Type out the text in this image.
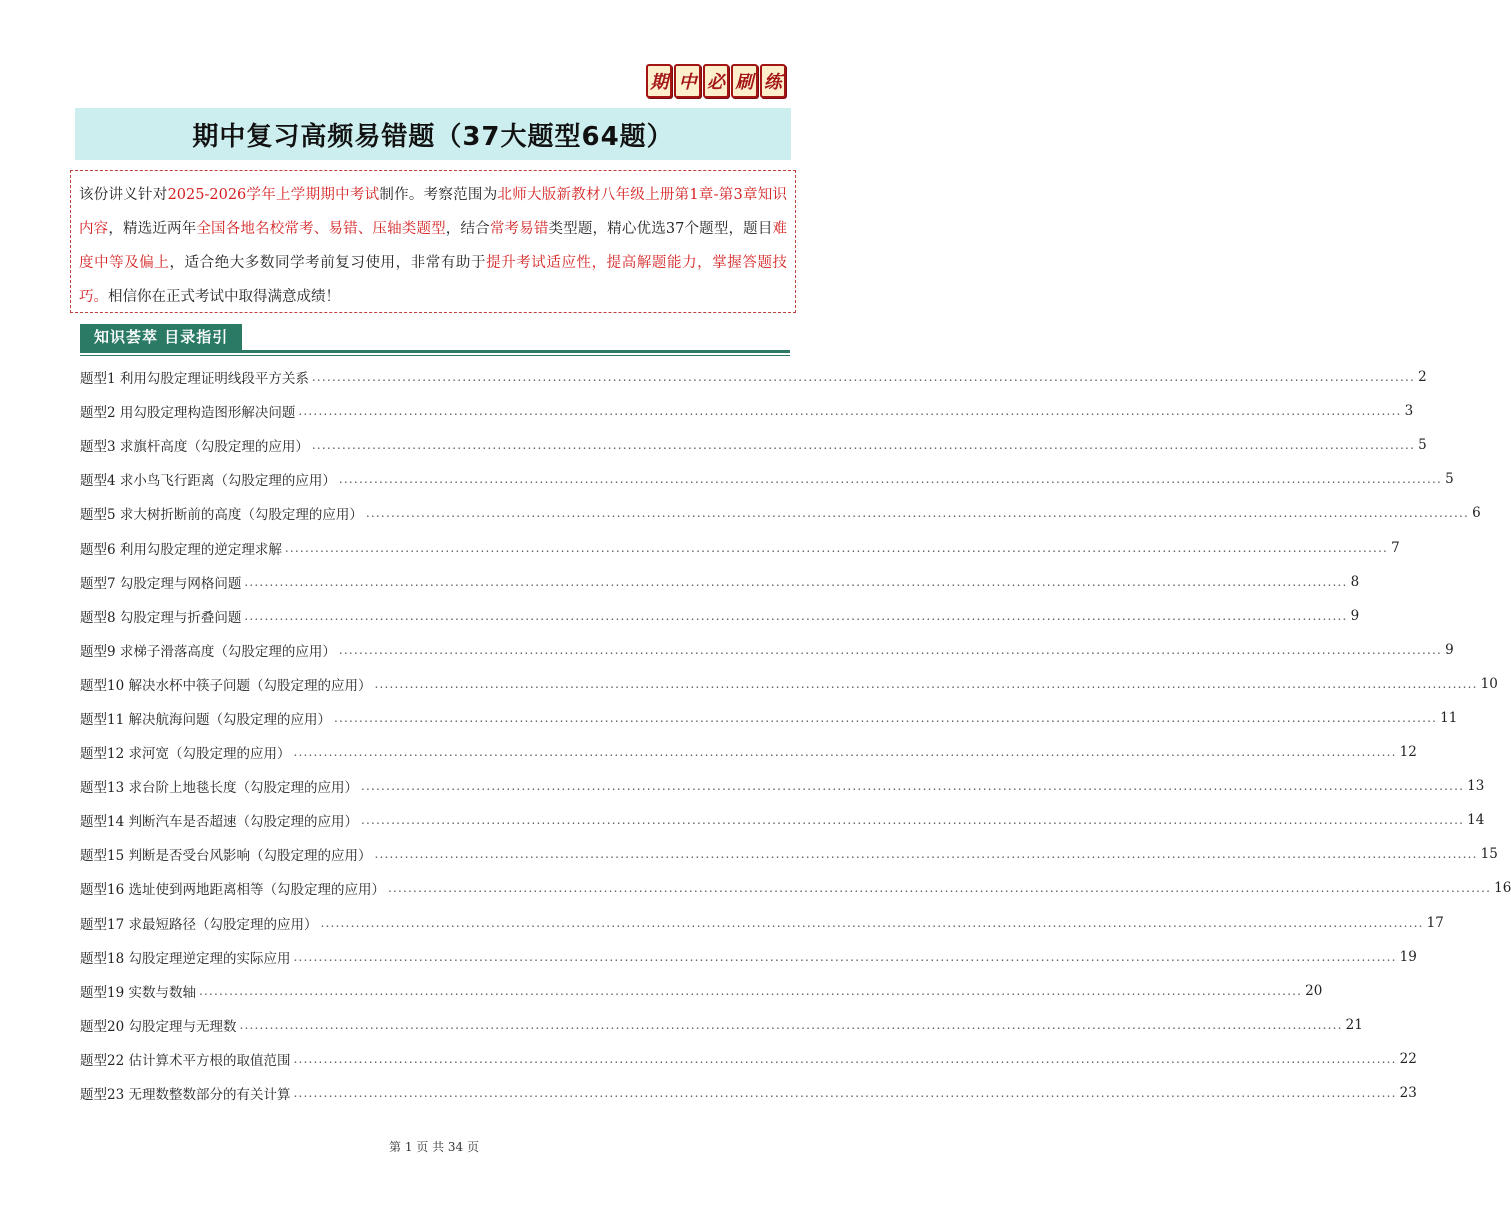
期 中 必 刷 练
期中复习高频易错题（37大题型64题）
该份讲义针对2025-2026学年上学期期中考试制作。考察范围为北师大版新教材八年级上册第1章-第3章知识内容，精选近两年全国各地名校常考、易错、压轴类题型，结合常考易错类型题，精心优选37个题型，题目难度中等及偏上，适合绝大多数同学考前复习使用，非常有助于提升考试适应性，提高解题能力，掌握答题技巧。相信你在正式考试中取得满意成绩！
知识荟萃 目录指引
题型1 利用勾股定理证明线段平方关系 ............................................................................................................................................................................................................................ 2
题型2 用勾股定理构造图形解决问题 ............................................................................................................................................................................................................................ 3
题型3 求旗杆高度（勾股定理的应用） ............................................................................................................................................................................................................................ 5
题型4 求小鸟飞行距离（勾股定理的应用） ............................................................................................................................................................................................................................ 5
题型5 求大树折断前的高度（勾股定理的应用） ............................................................................................................................................................................................................................ 6
题型6 利用勾股定理的逆定理求解 ............................................................................................................................................................................................................................ 7
题型7 勾股定理与网格问题 ............................................................................................................................................................................................................................ 8
题型8 勾股定理与折叠问题 ............................................................................................................................................................................................................................ 9
题型9 求梯子滑落高度（勾股定理的应用） ............................................................................................................................................................................................................................ 9
题型10 解决水杯中筷子问题（勾股定理的应用） ............................................................................................................................................................................................................................ 10
题型11 解决航海问题（勾股定理的应用） ............................................................................................................................................................................................................................ 11
题型12 求河宽（勾股定理的应用） ............................................................................................................................................................................................................................ 12
题型13 求台阶上地毯长度（勾股定理的应用） ............................................................................................................................................................................................................................ 13
题型14 判断汽车是否超速（勾股定理的应用） ............................................................................................................................................................................................................................ 14
题型15 判断是否受台风影响（勾股定理的应用） ............................................................................................................................................................................................................................ 15
题型16 选址使到两地距离相等（勾股定理的应用） ............................................................................................................................................................................................................................ 16
题型17 求最短路径（勾股定理的应用） ............................................................................................................................................................................................................................ 17
题型18 勾股定理逆定理的实际应用 ............................................................................................................................................................................................................................ 19
题型19 实数与数轴 ............................................................................................................................................................................................................................ 20
题型20 勾股定理与无理数 ............................................................................................................................................................................................................................ 21
题型22 估计算术平方根的取值范围 ............................................................................................................................................................................................................................ 22
题型23 无理数整数部分的有关计算 ............................................................................................................................................................................................................................ 23
第 1 页 共 34 页
